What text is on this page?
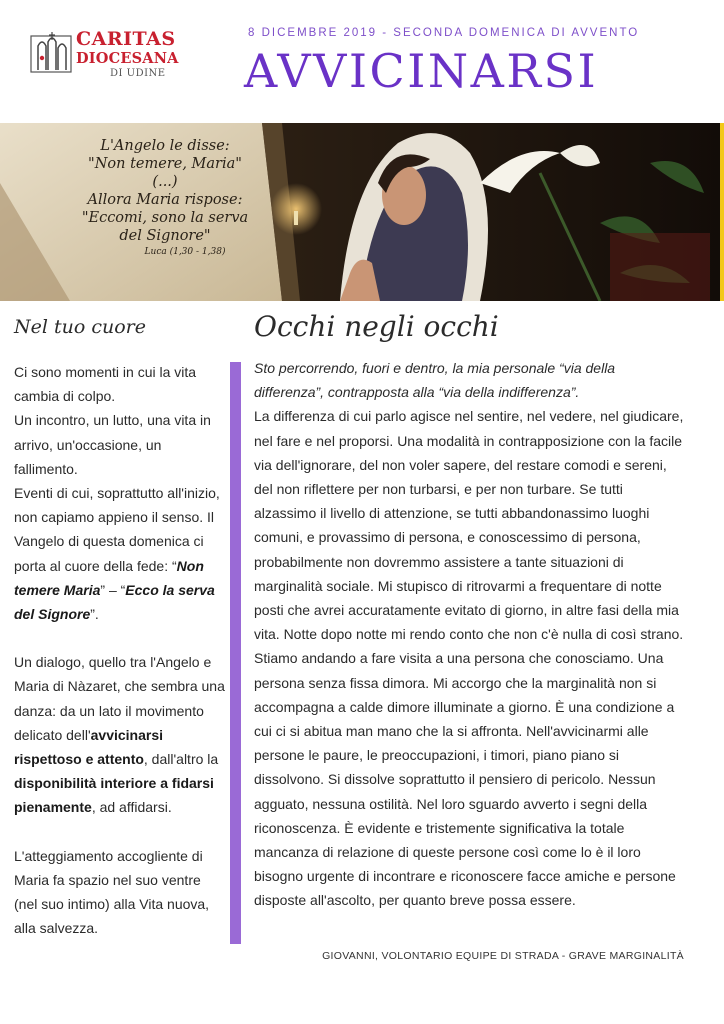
CARITAS
DIOCESANA
DI UDINE
8 DICEMBRE 2019 - SECONDA DOMENICA DI AVVENTO
AVVICINARSI
L'Angelo le disse:
"Non temere, Maria"
(...)
Allora Maria rispose:
"Eccomi, sono la serva
del Signore"
Luca (1,30 - 1,38)
Nel tuo cuore

Ci sono momenti in cui la vita cambia di colpo.
Un incontro, un lutto, una vita in arrivo, un'occasione, un fallimento.
Eventi di cui, soprattutto all'inizio, non capiamo appieno il senso. Il Vangelo di questa domenica ci porta al cuore della fede: “Non temere Maria” – “Ecco la serva del Signore”.

Un dialogo, quello tra l'Angelo e Maria di Nàzaret, che sembra una danza: da un lato il movimento delicato dell'avvicinarsi rispettoso e attento, dall'altro la disponibilità interiore a fidarsi pienamente, ad affidarsi.

L'atteggiamento accogliente di Maria fa spazio nel suo ventre (nel suo intimo) alla Vita nuova, alla salvezza.

Occhi negli occhi

Sto percorrendo, fuori e dentro, la mia personale “via della differenza”, contrapposta alla “via della indifferenza”.

La differenza di cui parlo agisce nel sentire, nel vedere, nel giudicare, nel fare e nel proporsi. Una modalità in contrapposizione con la facile via dell'ignorare, del non voler sapere, del restare comodi e sereni, del non riflettere per non turbarsi, e per non turbare. Se tutti alzassimo il livello di attenzione, se tutti abbandonassimo luoghi comuni, e provassimo di persona, e conoscessimo di persona, probabilmente non dovremmo assistere a tante situazioni di marginalità sociale. Mi stupisco di ritrovarmi a frequentare di notte posti che avrei accuratamente evitato di giorno, in altre fasi della mia vita. Notte dopo notte mi rendo conto che non c'è nulla di così strano. Stiamo andando a fare visita a una persona che conosciamo. Una persona senza fissa dimora. Mi accorgo che la marginalità non si accompagna a calde dimore illuminate a giorno. È una condizione a cui ci si abitua man mano che la si affronta. Nell'avvicinarmi alle persone le paure, le preoccupazioni, i timori, piano piano si dissolvono. Si dissolve soprattutto il pensiero di pericolo. Nessun agguato, nessuna ostilità. Nel loro sguardo avverto i segni della riconoscenza. È evidente e tristemente significativa la totale mancanza di relazione di queste persone così come lo è il loro bisogno urgente di incontrare e riconoscere facce amiche e persone disposte all'ascolto, per quanto breve possa essere.

GIOVANNI, VOLONTARIO EQUIPE DI STRADA - GRAVE MARGINALITÀ
